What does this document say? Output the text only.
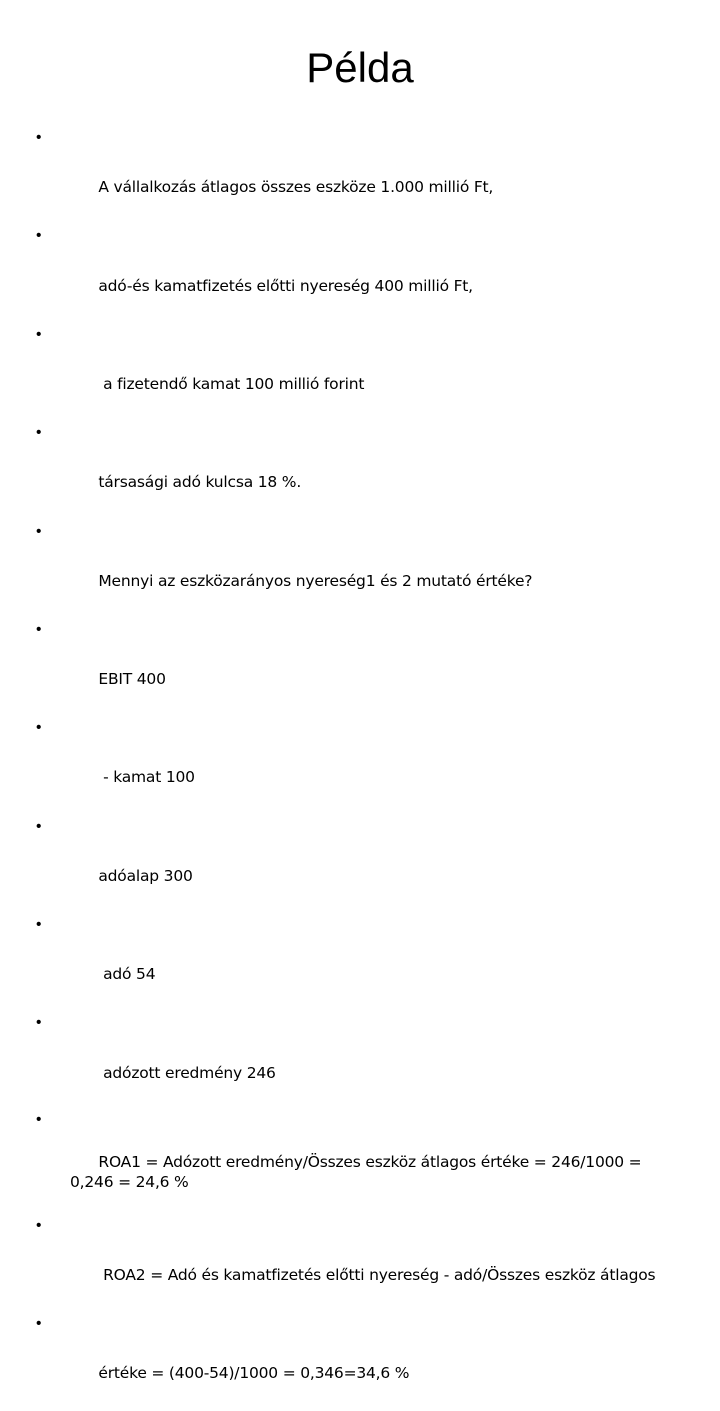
Példa

•

A vállalkozás átlagos összes eszköze 1.000 millió Ft,

•

adó-és kamatfizetés előtti nyereség 400 millió Ft,

•

a fizetendő kamat 100 millió forint

•

társasági adó kulcsa 18 %.

•

Mennyi az eszközarányos nyereség1 és 2 mutató értéke?

•

EBIT 400

•

- kamat 100

•

adóalap 300

•

adó 54

•

adózott eredmény 246

•

ROA1 = Adózott eredmény/Összes eszköz átlagos értéke = 246/1000 = 0,246 = 24,6 %

•

ROA2 = Adó és kamatfizetés előtti nyereség - adó/Összes eszköz átlagos

•

értéke = (400-54)/1000 = 0,346=34,6 %
